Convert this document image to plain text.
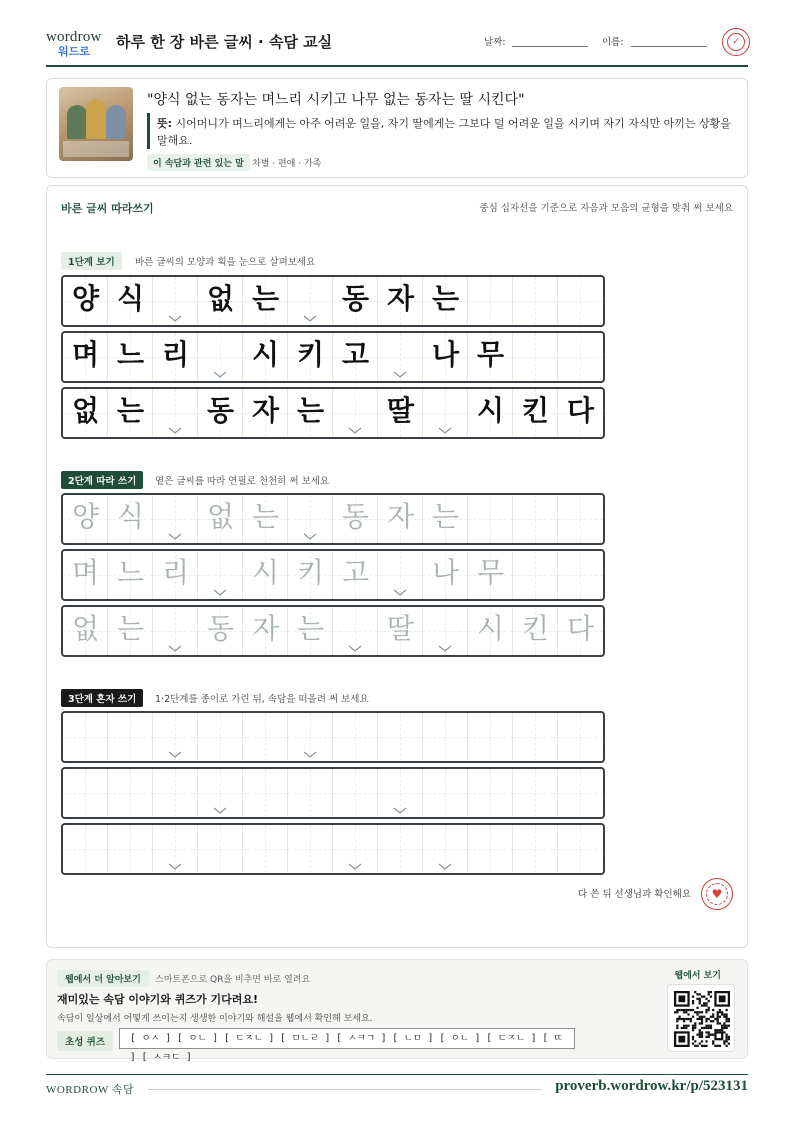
wordrow
워드로
하루 한 장 바른 글씨 · 속담 교실	날짜:	이름:	✓
"양식 없는 동자는 며느리 시키고 나무 없는 동자는 딸 시킨다"
뜻: 시어머니가 며느리에게는 아주 어려운 일을, 자기 딸에게는 그보다 덜 어려운 일을 시키며 자기 자식만 아끼는 상황을 말해요.
이 속담과 관련 있는 말 차별 · 편애 · 가족
바른 글씨 따라쓰기	중심 십자선을 기준으로 자음과 모음의 균형을 맞춰 써 보세요
1단계 보기	바른 글씨의 모양과 획을 눈으로 살펴보세요
2단계 따라 쓰기	옅은 글씨를 따라 연필로 천천히 써 보세요
3단계 혼자 쓰기	1·2단계를 종이로 가린 뒤, 속담을 떠올려 써 보세요
양 식	없 는	동 자 는
며 느 리	시 키 고	나 무
없 는	동 자 는	딸	시 킨 다
양 식	없 는	동 자 는
며 느 리	시 키 고	나 무
없 는	동 자 는	딸	시 킨 다
다 쓴 뒤 선생님과 확인해요 ♥
웹에서 더 알아보기	스마트폰으로 QR을 비추면 바로 열려요
재미있는 속담 이야기와 퀴즈가 기다려요!
속담이 일상에서 어떻게 쓰이는지 생생한 이야기와 해설을 웹에서 확인해 보세요.
초성 퀴즈	[ ㅇㅅ ] [ ㅇㄴ ] [ ㄷㅈㄴ ] [ ㅁㄴㄹ ] [ ㅅㅋㄱ ] [ ㄴㅁ ] [ ㅇㄴ ] [ ㄷㅈㄴ ] [ ㄸ ] [ ㅅㅋㄷ ]
웹에서 보기
WORDROW 속담	proverb.wordrow.kr/p/523131
